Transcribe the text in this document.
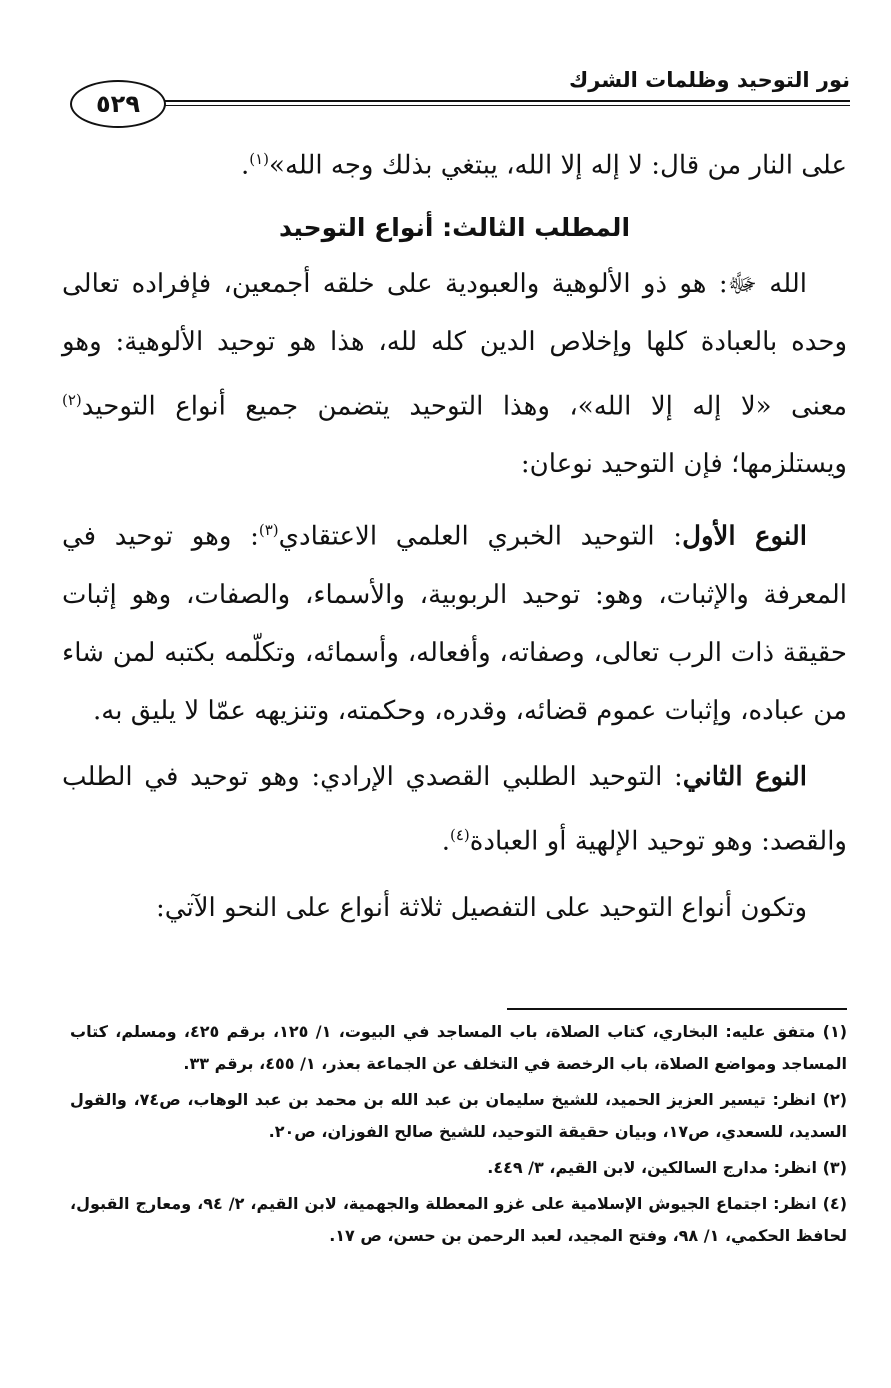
نور التوحيد وظلمات الشرك
٥٢٩

على النار من قال: لا إله إلا الله، يبتغي بذلك وجه الله»$^{(١)}$.

المطلب الثالث: أنواع التوحيد

الله ﷻ: هو ذو الألوهية والعبودية على خلقه أجمعين، فإفراده تعالى وحده بالعبادة كلها وإخلاص الدين كله لله، هذا هو توحيد الألوهية: وهو معنى «لا إله إلا الله»، وهذا التوحيد يتضمن جميع أنواع التوحيد$^{(٢)}$ ويستلزمها؛ فإن التوحيد نوعان:

النوع الأول: التوحيد الخبري العلمي الاعتقادي$^{(٣)}$: وهو توحيد في المعرفة والإثبات، وهو: توحيد الربوبية، والأسماء، والصفات، وهو إثبات حقيقة ذات الرب تعالى، وصفاته، وأفعاله، وأسمائه، وتكلّمه بكتبه لمن شاء من عباده، وإثبات عموم قضائه، وقدره، وحكمته، وتنزيهه عمّا لا يليق به.

النوع الثاني: التوحيد الطلبي القصدي الإرادي: وهو توحيد في الطلب والقصد: وهو توحيد الإلهية أو العبادة$^{(٤)}$.

وتكون أنواع التوحيد على التفصيل ثلاثة أنواع على النحو الآتي:

(١) متفق عليه: البخاري، كتاب الصلاة، باب المساجد في البيوت، ١/ ١٢٥، برقم ٤٢٥، ومسلم، كتاب المساجد ومواضع الصلاة، باب الرخصة في التخلف عن الجماعة بعذر، ١/ ٤٥٥، برقم ٣٣.

(٢) انظر: تيسير العزيز الحميد، للشيخ سليمان بن عبد الله بن محمد بن عبد الوهاب، ص٧٤، والقول السديد، للسعدي، ص١٧، وبيان حقيقة التوحيد، للشيخ صالح الفوزان، ص٢٠.

(٣) انظر: مدارج السالكين، لابن القيم، ٣/ ٤٤٩.

(٤) انظر: اجتماع الجيوش الإسلامية على غزو المعطلة والجهمية، لابن القيم، ٢/ ٩٤، ومعارج القبول، لحافظ الحكمي، ١/ ٩٨، وفتح المجيد، لعبد الرحمن بن حسن، ص ١٧.
